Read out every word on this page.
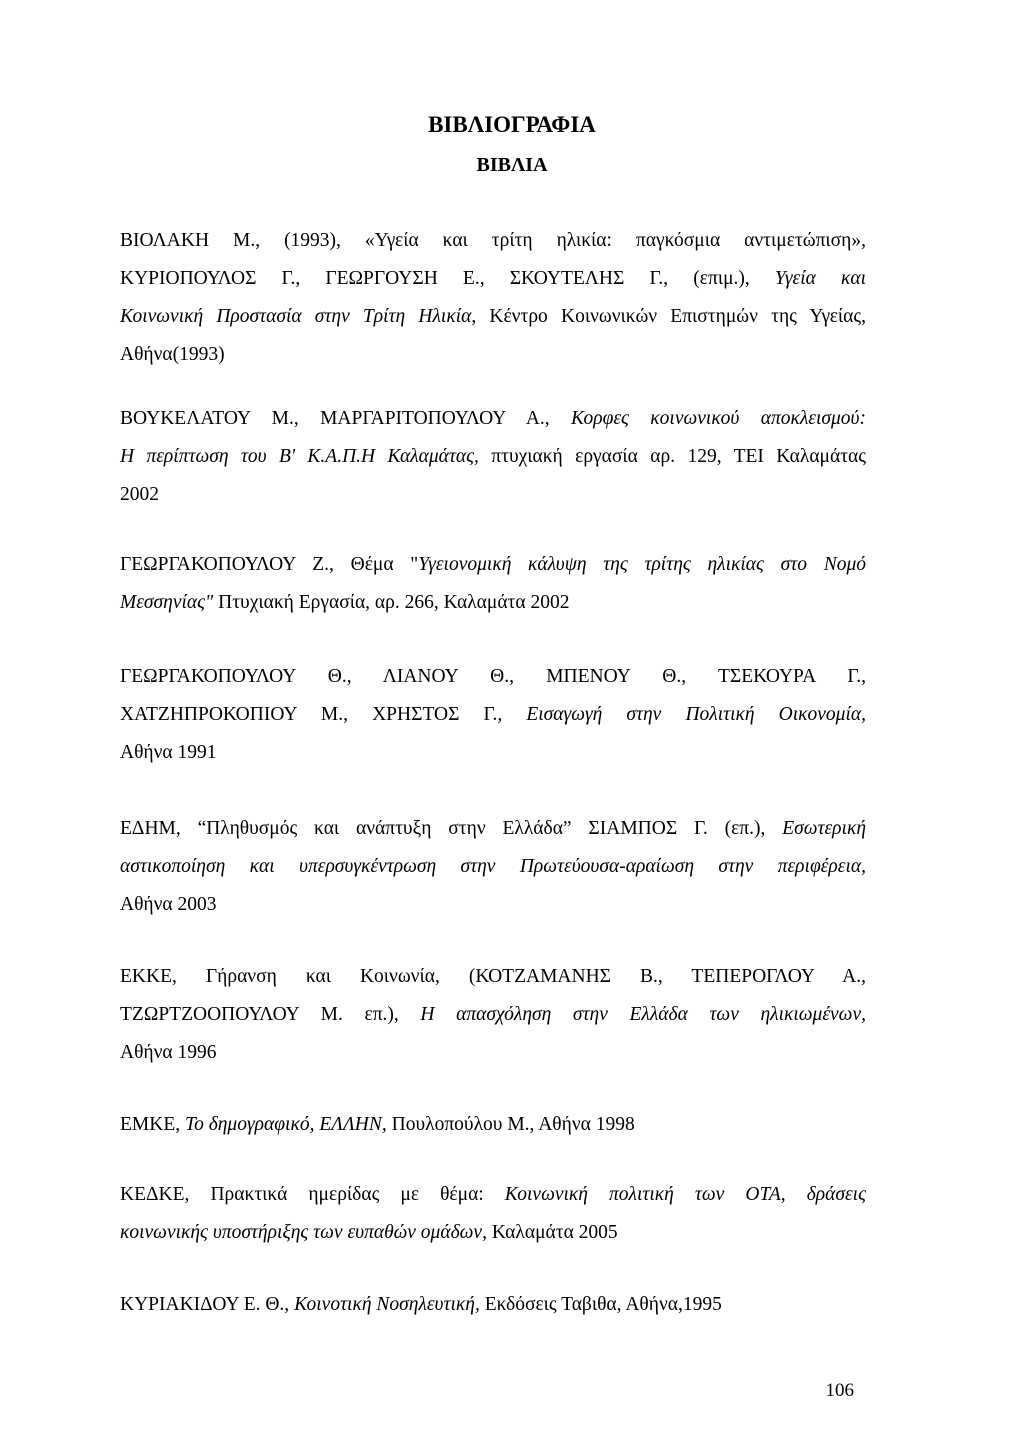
ΒΙΒΛΙΟΓΡΑΦΙΑ
ΒΙΒΛΙΑ

ΒΙΟΛΑΚΗ Μ., (1993), «Υγεία και τρίτη ηλικία: παγκόσμια αντιμετώπιση»,
ΚΥΡΙΟΠΟΥΛΟΣ Γ., ΓΕΩΡΓΟΥΣΗ Ε., ΣΚΟΥΤΕΛΗΣ Γ., (επιμ.), Υγεία και
Κοινωνική Προστασία στην Τρίτη Ηλικία, Κέντρο Κοινωνικών Επιστημών της Υγείας,
Αθήνα(1993)

ΒΟΥΚΕΛΑΤΟΥ Μ., ΜΑΡΓΑΡΙΤΟΠΟΥΛΟΥ Α., Κορφες κοινωνικού αποκλεισμού:
Η περίπτωση του Β' Κ.Α.Π.Η Καλαμάτας, πτυχιακή εργασία αρ. 129, ΤΕΙ Καλαμάτας
2002

ΓΕΩΡΓΑΚΟΠΟΥΛΟΥ Ζ., Θέμα "Υγειονομική κάλυψη της τρίτης ηλικίας στο Νομό
Μεσσηνίας" Πτυχιακή Εργασία, αρ. 266, Καλαμάτα 2002

ΓΕΩΡΓΑΚΟΠΟΥΛΟΥ Θ., ΛΙΑΝΟΥ Θ., ΜΠΕΝΟΥ Θ., ΤΣΕΚΟΥΡΑ Γ.,
ΧΑΤΖΗΠΡΟΚΟΠΙΟΥ Μ., ΧΡΗΣΤΟΣ Γ., Εισαγωγή στην Πολιτική Οικονομία,
Αθήνα 1991

ΕΔΗΜ, “Πληθυσμός και ανάπτυξη στην Ελλάδα” ΣΙΑΜΠΟΣ Γ. (επ.), Εσωτερική
αστικοποίηση και υπερσυγκέντρωση στην Πρωτεύουσα-αραίωση στην περιφέρεια,
Αθήνα 2003

ΕΚΚΕ, Γήρανση και Κοινωνία, (ΚΟΤΖΑΜΑΝΗΣ Β., ΤΕΠΕΡΟΓΛΟΥ Α.,
ΤΖΩΡΤΖΟΟΠΟΥΛΟΥ Μ. επ.), Η απασχόληση στην Ελλάδα των ηλικιωμένων,
Αθήνα 1996

ΕΜΚΕ, Το δημογραφικό, ΕΛΛΗΝ, Πουλοπούλου Μ., Αθήνα 1998

ΚΕΔΚΕ, Πρακτικά ημερίδας με θέμα: Κοινωνική πολιτική των ΟΤΑ, δράσεις
κοινωνικής υποστήριξης των ευπαθών ομάδων, Καλαμάτα 2005

ΚΥΡΙΑΚΙΔΟΥ Ε. Θ., Κοινοτική Νοσηλευτική, Εκδόσεις Ταβιθα, Αθήνα,1995

106
